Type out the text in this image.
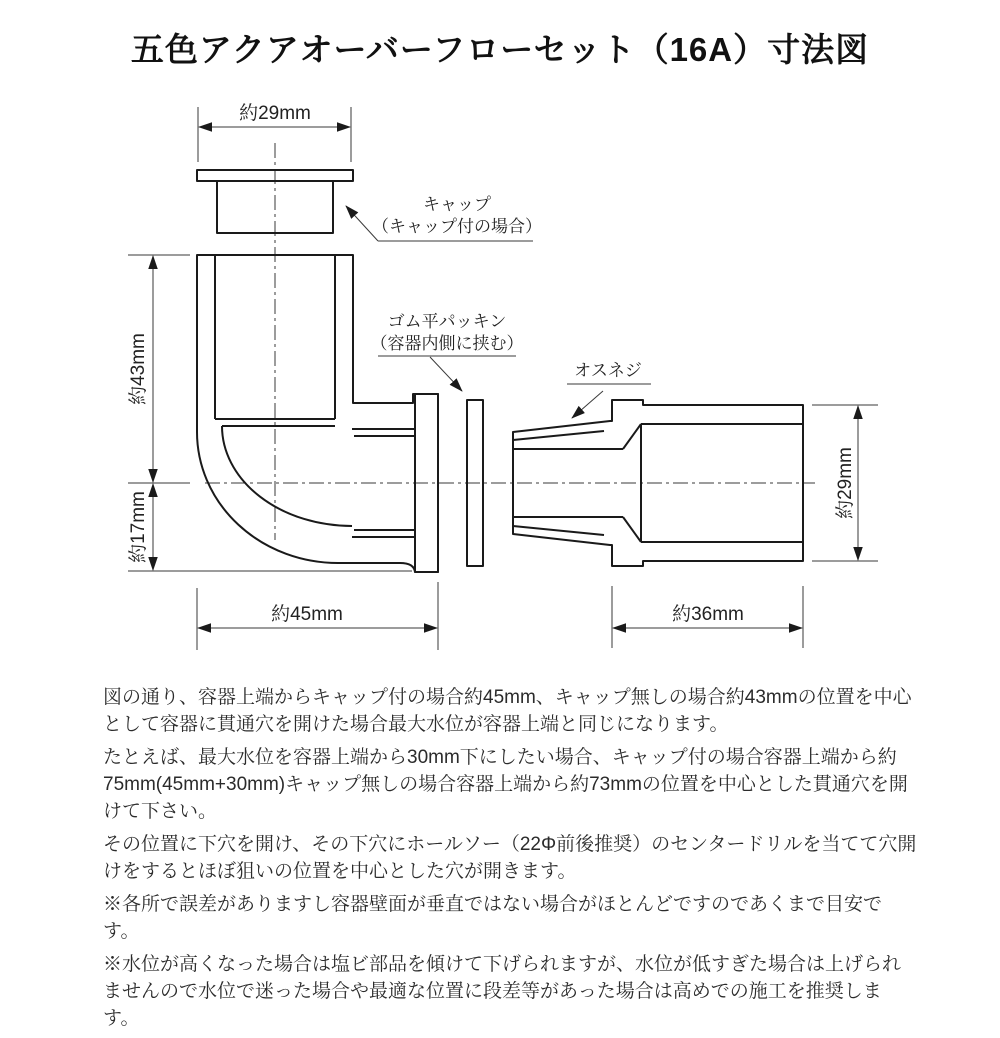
五色アクアオーバーフローセット（16A）寸法図
約29mm
キャップ
（キャップ付の場合）
約43mm
約17mm
約45mm
ゴム平パッキン
（容器内側に挟む）
オスネジ
約29mm
約36mm

図の通り、容器上端からキャップ付の場合約45mm、キャップ無しの場合約43mmの位置を中心として容器に貫通穴を開けた場合最大水位が容器上端と同じになります。

たとえば、最大水位を容器上端から30mm下にしたい場合、キャップ付の場合容器上端から約75mm(45mm+30mm)キャップ無しの場合容器上端から約73mmの位置を中心とした貫通穴を開けて下さい。

その位置に下穴を開け、その下穴にホールソー（22Φ前後推奨）のセンタードリルを当てて穴開けをするとほぼ狙いの位置を中心とした穴が開きます。

※各所で誤差がありますし容器壁面が垂直ではない場合がほとんどですのであくまで目安です。

※水位が高くなった場合は塩ビ部品を傾けて下げられますが、水位が低すぎた場合は上げられませんので水位で迷った場合や最適な位置に段差等があった場合は高めでの施工を推奨します。
